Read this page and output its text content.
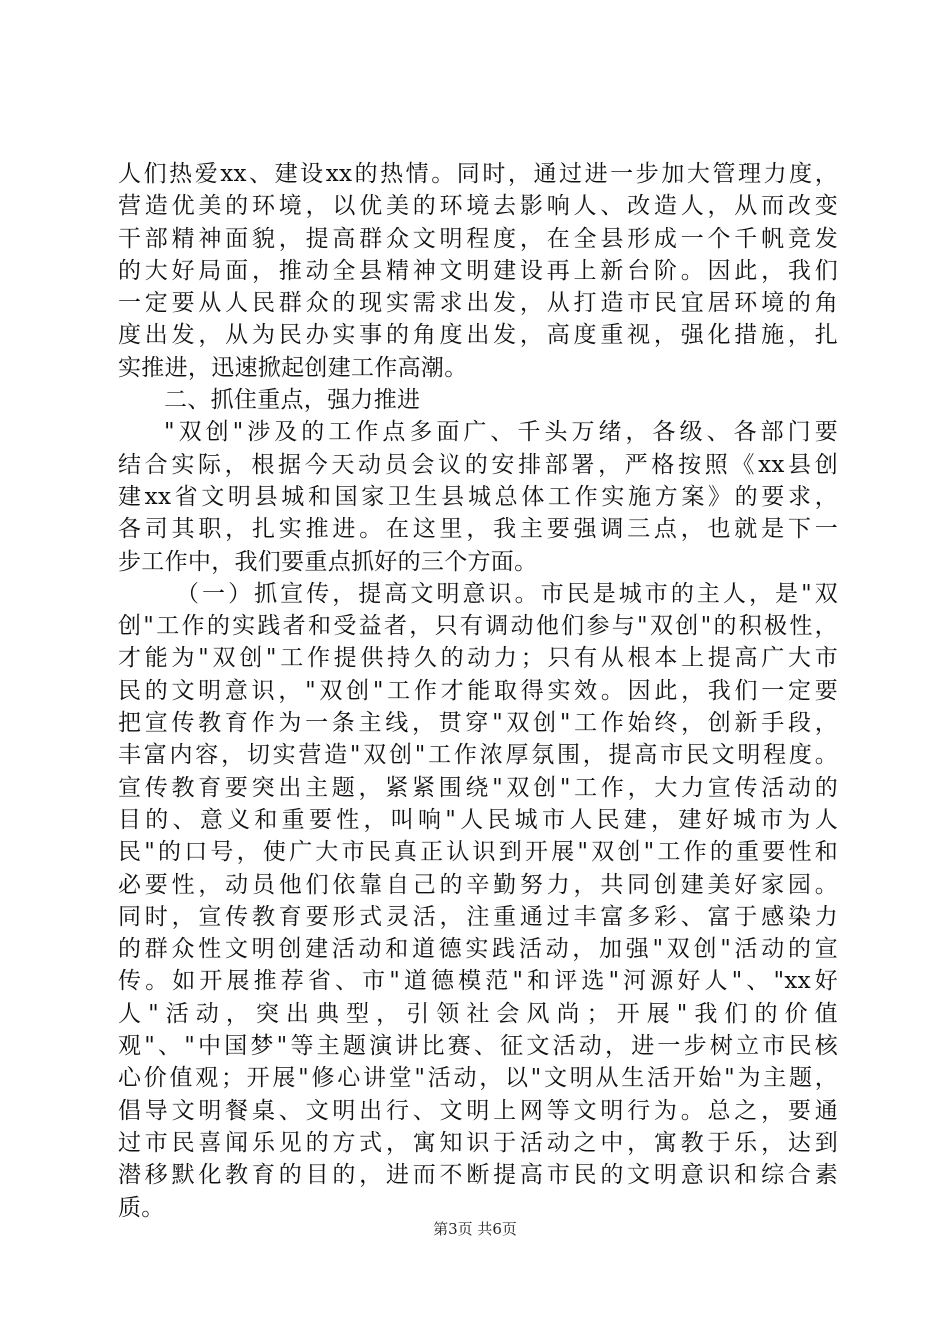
人们热爱xx、建设xx的热情。同时，通过进一步加大管理力度，
营造优美的环境，以优美的环境去影响人、改造人，从而改变
干部精神面貌，提高群众文明程度，在全县形成一个千帆竞发
的大好局面，推动全县精神文明建设再上新台阶。因此，我们
一定要从人民群众的现实需求出发，从打造市民宜居环境的角
度出发，从为民办实事的角度出发，高度重视，强化措施，扎
实推进，迅速掀起创建工作高潮。
二、抓住重点，强力推进
"双创"涉及的工作点多面广、千头万绪，各级、各部门要
结合实际，根据今天动员会议的安排部署，严格按照《xx县创
建xx省文明县城和国家卫生县城总体工作实施方案》的要求，
各司其职，扎实推进。在这里，我主要强调三点，也就是下一
步工作中，我们要重点抓好的三个方面。
（一）抓宣传，提高文明意识。市民是城市的主人，是"双
创"工作的实践者和受益者，只有调动他们参与"双创"的积极性，
才能为"双创"工作提供持久的动力；只有从根本上提高广大市
民的文明意识，"双创"工作才能取得实效。因此，我们一定要
把宣传教育作为一条主线，贯穿"双创"工作始终，创新手段，
丰富内容，切实营造"双创"工作浓厚氛围，提高市民文明程度。
宣传教育要突出主题，紧紧围绕"双创"工作，大力宣传活动的
目的、意义和重要性，叫响"人民城市人民建，建好城市为人
民"的口号，使广大市民真正认识到开展"双创"工作的重要性和
必要性，动员他们依靠自己的辛勤努力，共同创建美好家园。
同时，宣传教育要形式灵活，注重通过丰富多彩、富于感染力
的群众性文明创建活动和道德实践活动，加强"双创"活动的宣
传。如开展推荐省、市"道德模范"和评选"河源好人"、"xx好
人"活动，突出典型，引领社会风尚；开展"我们的价值
观"、"中国梦"等主题演讲比赛、征文活动，进一步树立市民核
心价值观；开展"修心讲堂"活动，以"文明从生活开始"为主题，
倡导文明餐桌、文明出行、文明上网等文明行为。总之，要通
过市民喜闻乐见的方式，寓知识于活动之中，寓教于乐，达到
潜移默化教育的目的，进而不断提高市民的文明意识和综合素
质。
第3页 共6页
